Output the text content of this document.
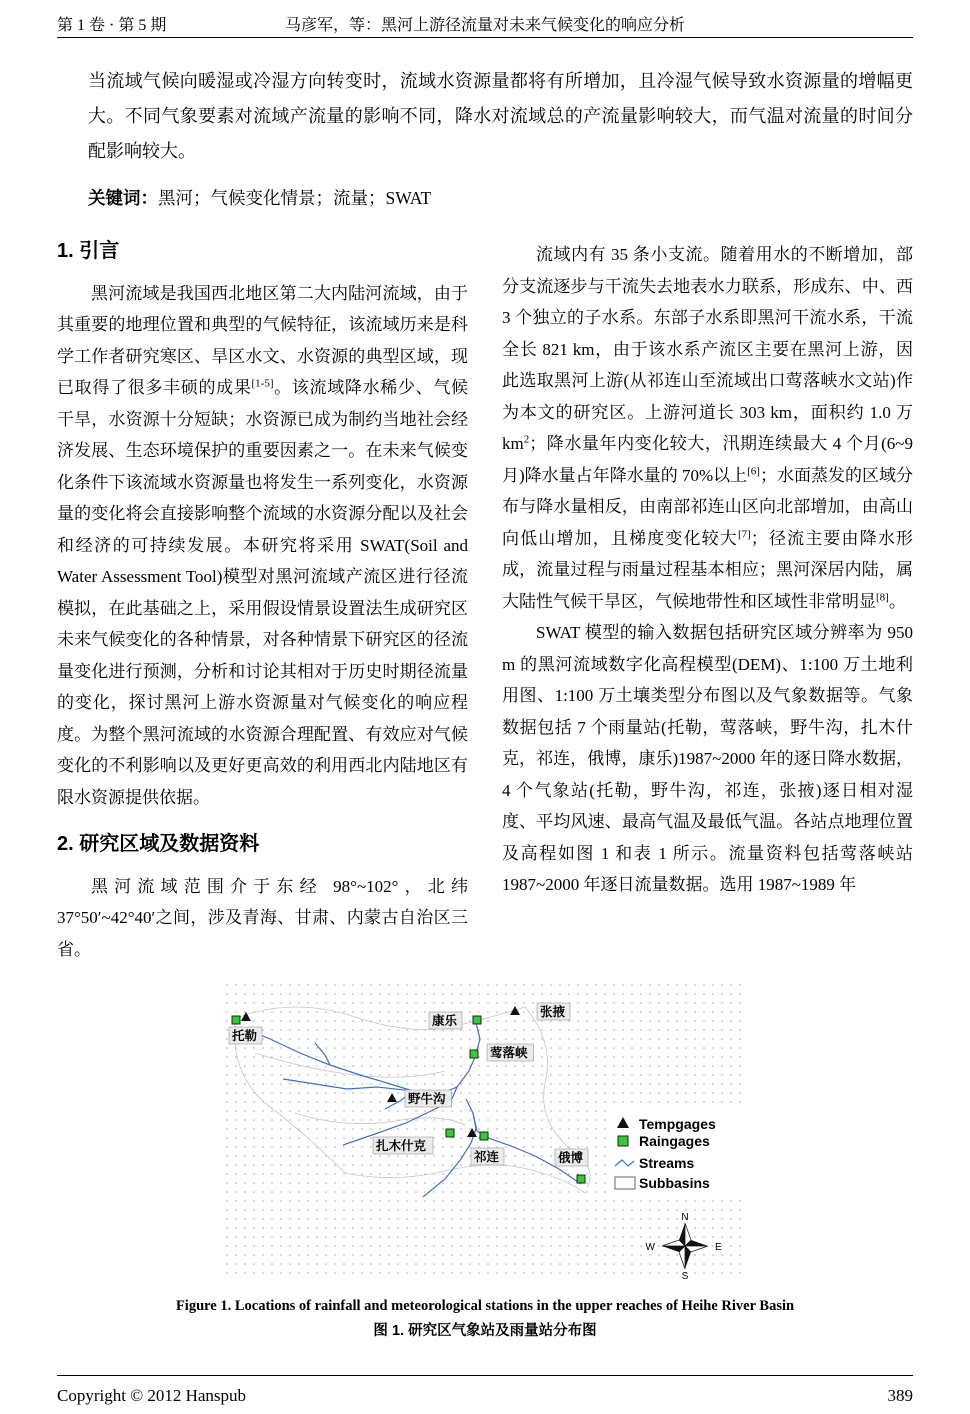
第 1 卷 · 第 5 期	马彦军，等：黑河上游径流量对未来气候变化的响应分析
当流域气候向暖湿或冷湿方向转变时，流域水资源量都将有所增加，且冷湿气候导致水资源量的增幅更大。不同气象要素对流域产流量的影响不同，降水对流域总的产流量影响较大，而气温对流量的时间分配影响较大。
关键词：黑河；气候变化情景；流量；SWAT
1. 引言

黑河流域是我国西北地区第二大内陆河流域，由于其重要的地理位置和典型的气候特征，该流域历来是科学工作者研究寒区、旱区水文、水资源的典型区域，现已取得了很多丰硕的成果[1-5]。该流域降水稀少、气候干旱，水资源十分短缺；水资源已成为制约当地社会经济发展、生态环境保护的重要因素之一。在未来气候变化条件下该流域水资源量也将发生一系列变化，水资源量的变化将会直接影响整个流域的水资源分配以及社会和经济的可持续发展。本研究将采用 SWAT(Soil and Water Assessment Tool)模型对黑河流域产流区进行径流模拟，在此基础之上，采用假设情景设置法生成研究区未来气候变化的各种情景，对各种情景下研究区的径流量变化进行预测，分析和讨论其相对于历史时期径流量的变化，探讨黑河上游水资源量对气候变化的响应程度。为整个黑河流域的水资源合理配置、有效应对气候变化的不利影响以及更好更高效的利用西北内陆地区有限水资源提供依据。

2. 研究区域及数据资料

黑河流域范围介于东经 98°~102°，北纬 37°50′~42°40′之间，涉及青海、甘肃、内蒙古自治区三省。

流域内有 35 条小支流。随着用水的不断增加，部分支流逐步与干流失去地表水力联系，形成东、中、西 3 个独立的子水系。东部子水系即黑河干流水系，干流全长 821 km，由于该水系产流区主要在黑河上游，因此选取黑河上游(从祁连山至流域出口莺落峡水文站)作为本文的研究区。上游河道长 303 km，面积约 1.0 万 $km^2$；降水量年内变化较大，汛期连续最大 4 个月(6~9 月)降水量占年降水量的 70%以上[6]；水面蒸发的区域分布与降水量相反，由南部祁连山区向北部增加，由高山向低山增加，且梯度变化较大[7]；径流主要由降水形成，流量过程与雨量过程基本相应；黑河深居内陆，属大陆性气候干旱区，气候地带性和区域性非常明显[8]。

SWAT 模型的输入数据包括研究区域分辨率为 950 m 的黑河流域数字化高程模型(DEM)、1:100 万土地利用图、1:100 万土壤类型分布图以及气象数据等。气象数据包括 7 个雨量站(托勒，莺落峡，野牛沟，扎木什克，祁连，俄博，康乐)1987~2000 年的逐日降水数据，4 个气象站(托勒，野牛沟，祁连，张掖)逐日相对湿度、平均风速、最高气温及最低气温。各站点地理位置及高程如图 1 和表 1 所示。流量资料包括莺落峡站 1987~2000 年逐日流量数据。选用 1987~1989 年

托勒
康乐
张掖
莺落峡
野牛沟
扎木什克
祁连	俄博
Tempgages
Raingages
Streams
Subbasins
N
W	E
S
Figure 1. Locations of rainfall and meteorological stations in the upper reaches of Heihe River Basin
图 1. 研究区气象站及雨量站分布图
Copyright © 2012 Hanspub	389
